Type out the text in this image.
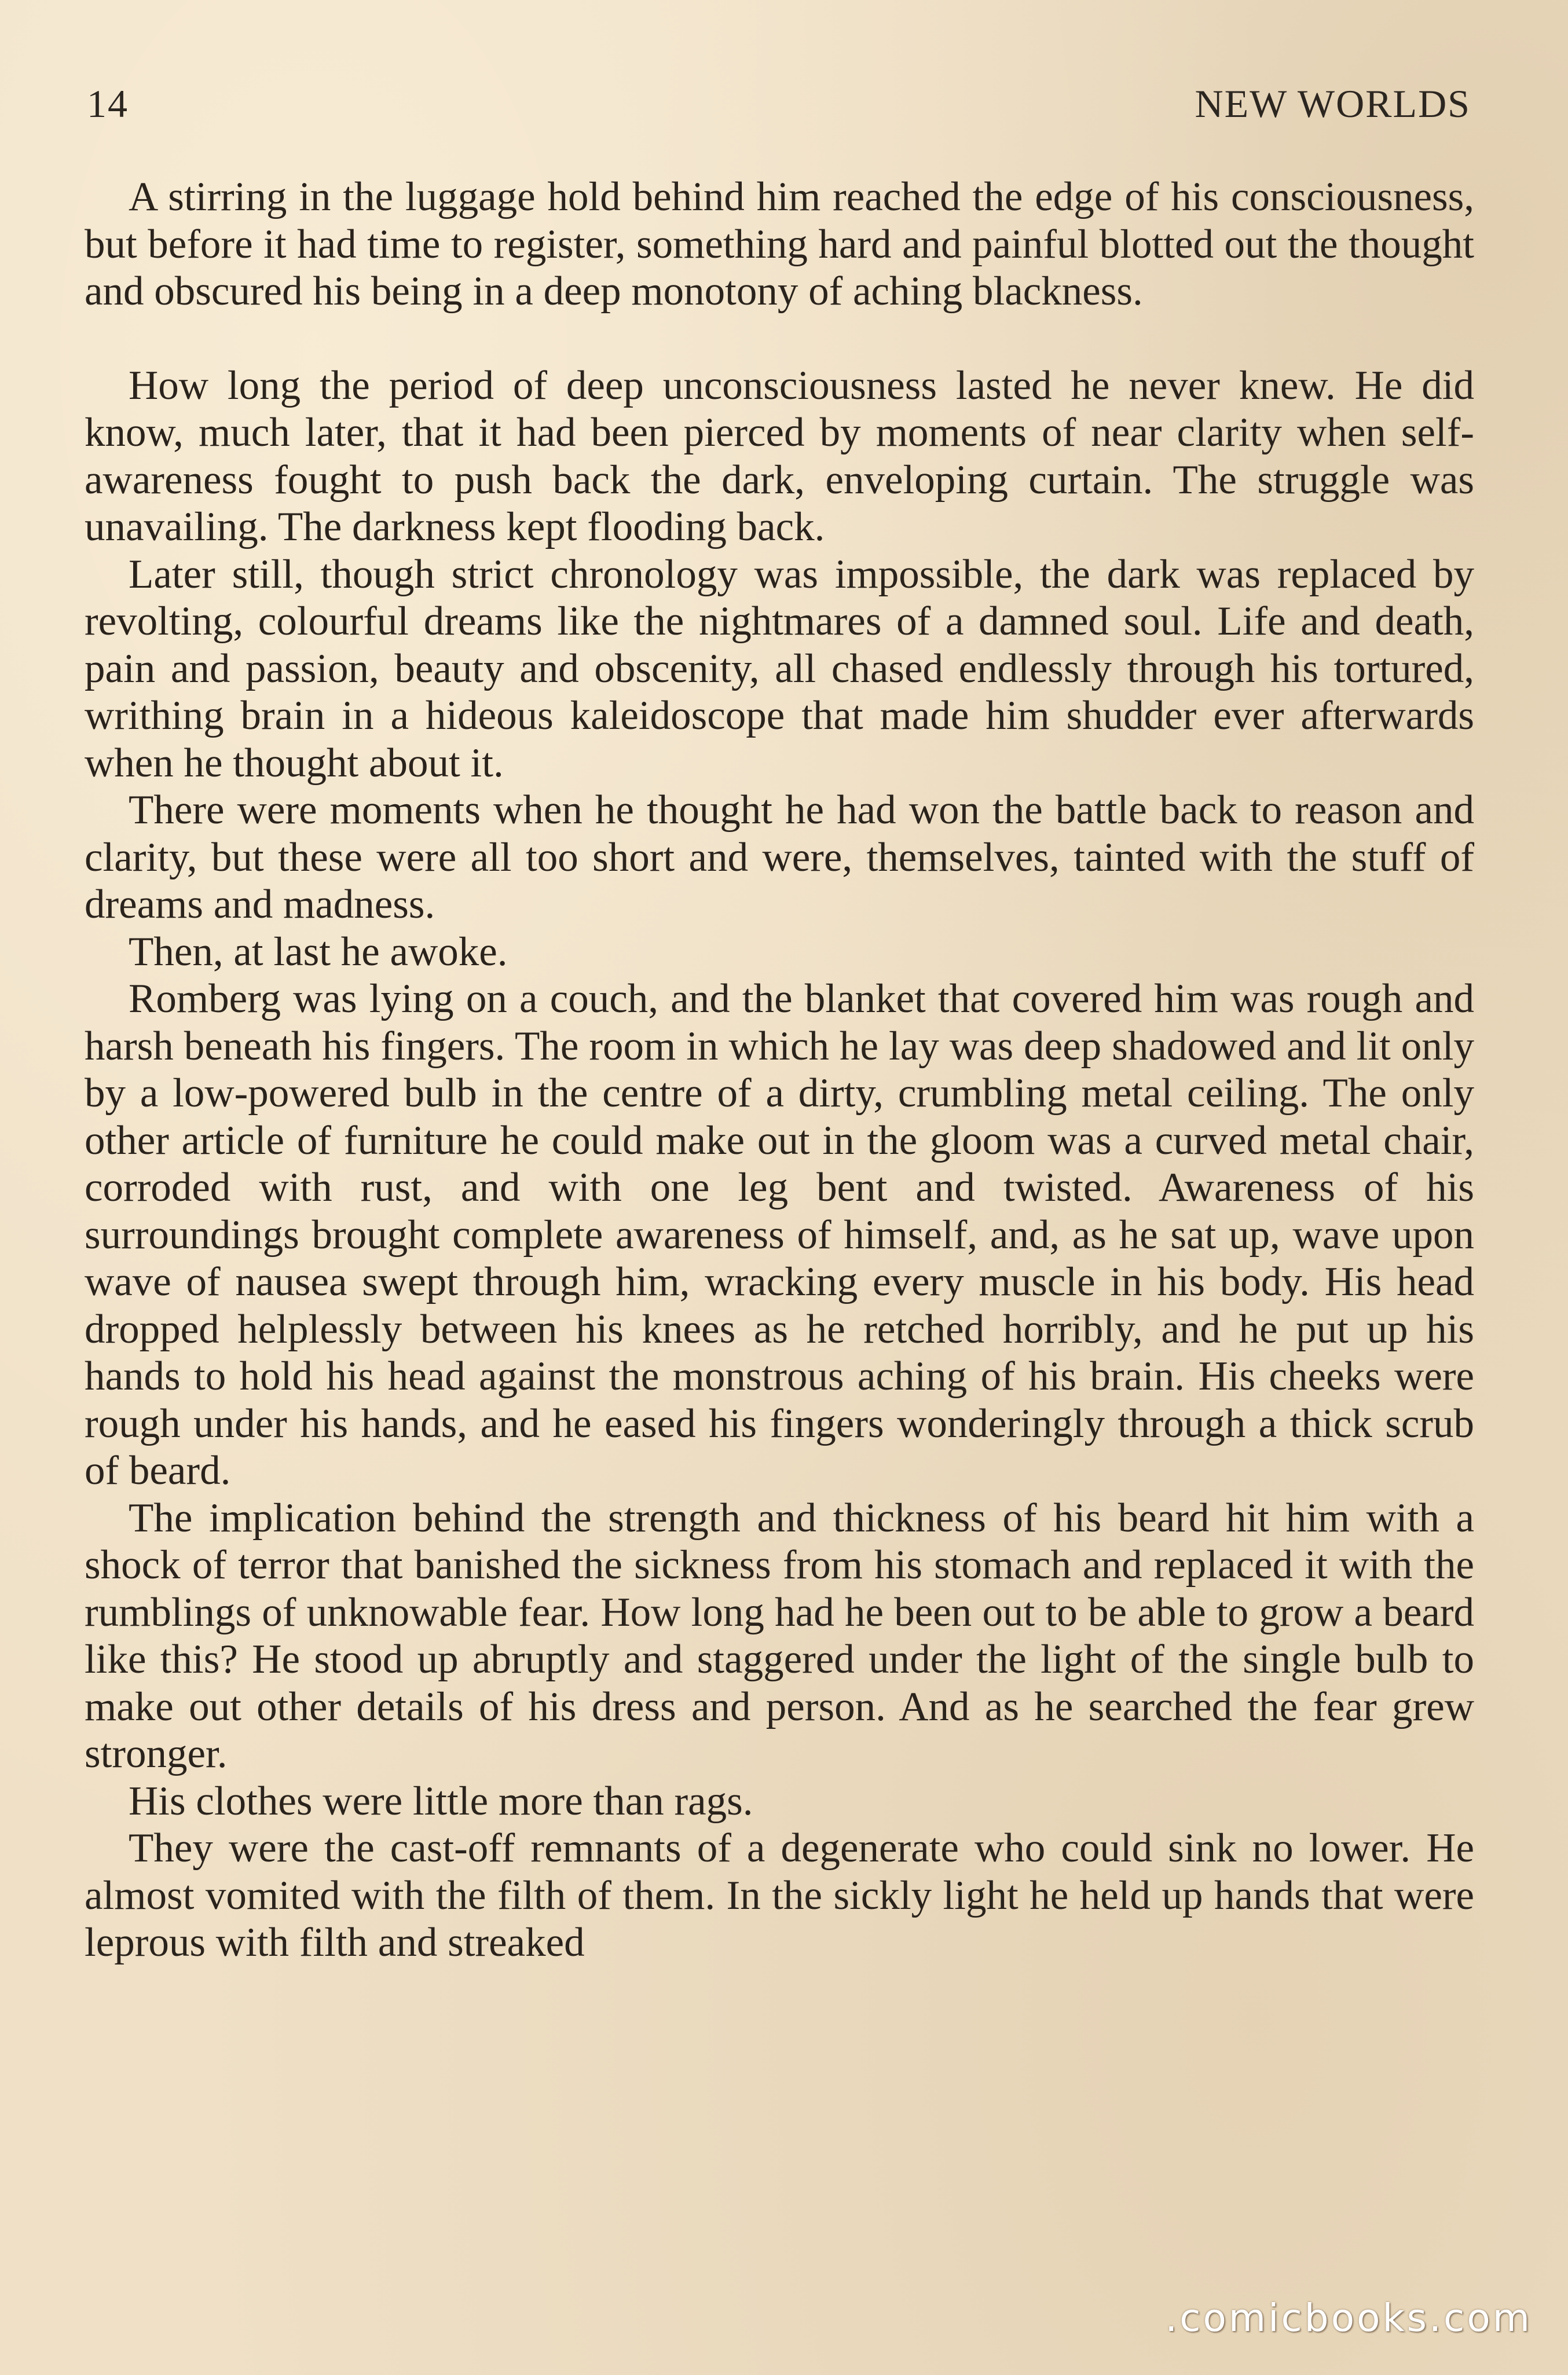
14	NEW WORLDS

A stirring in the luggage hold behind him reached the edge of his consciousness, but before it had time to register, something hard and painful blotted out the thought and obscured his being in a deep monotony of aching blackness.

How long the period of deep unconsciousness lasted he never knew. He did know, much later, that it had been pierced by moments of near clarity when self-awareness fought to push back the dark, enveloping curtain. The struggle was unavailing. The darkness kept flooding back.

Later still, though strict chronology was impossible, the dark was replaced by revolting, colourful dreams like the nightmares of a damned soul. Life and death, pain and passion, beauty and obscenity, all chased endlessly through his tortured, writhing brain in a hideous kaleidoscope that made him shudder ever afterwards when he thought about it.

There were moments when he thought he had won the battle back to reason and clarity, but these were all too short and were, themselves, tainted with the stuff of dreams and madness.

Then, at last he awoke.

Romberg was lying on a couch, and the blanket that covered him was rough and harsh beneath his fingers. The room in which he lay was deep shadowed and lit only by a low-powered bulb in the centre of a dirty, crumbling metal ceiling. The only other article of furniture he could make out in the gloom was a curved metal chair, corroded with rust, and with one leg bent and twisted. Awareness of his surroundings brought complete awareness of himself, and, as he sat up, wave upon wave of nausea swept through him, wracking every muscle in his body. His head dropped helplessly between his knees as he retched horribly, and he put up his hands to hold his head against the monstrous aching of his brain. His cheeks were rough under his hands, and he eased his fingers wonderingly through a thick scrub of beard.

The implication behind the strength and thickness of his beard hit him with a shock of terror that banished the sickness from his stomach and replaced it with the rumblings of unknowable fear. How long had he been out to be able to grow a beard like this? He stood up abruptly and staggered under the light of the single bulb to make out other details of his dress and person. And as he searched the fear grew stronger.

His clothes were little more than rags.

They were the cast-off remnants of a degenerate who could sink no lower. He almost vomited with the filth of them. In the sickly light he held up hands that were leprous with filth and streaked

.comicbooks.com
